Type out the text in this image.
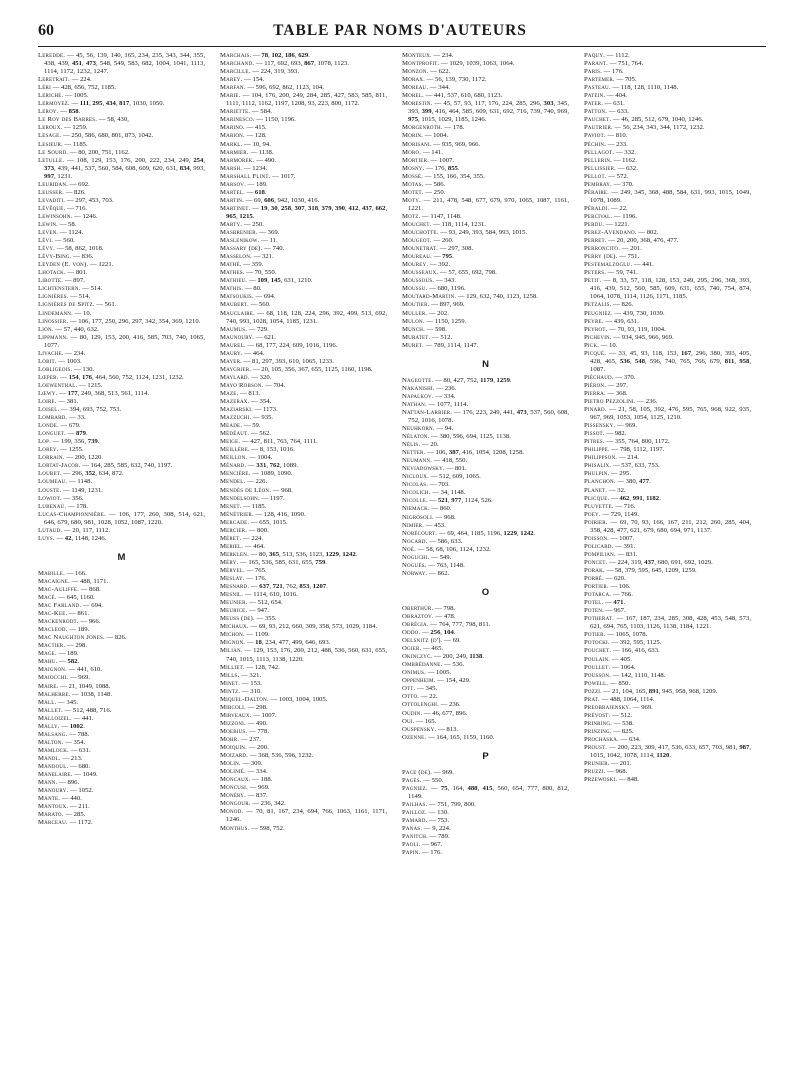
60	TABLE PAR NOMS D'AUTEURS
Leredde. — 45, 56, 139, 140, 165, 234, 235, 343, 344, 355, 438, 439, 451, 473, 548, 549, 583, 682, 1004, 1041, 1113, 1114, 1172, 1232, 1247.
Leretrait. — 224.
Léri — 428, 656, 752, 1185.
Leriche. — 1005.
Lermoyez. — 111, 295, 434, 817, 1030, 1050.
Leroy. — 858.
Le Roy des Barres. — 58, 430,
Leroux. — 1259.
Lesage. — 250, 586, 680, 801, 873, 1042.
Lesieur. — 1185.
Le Sourd. — 80, 200, 751, 1162.
Letulle. — 108, 129, 153, 176, 200, 222, 234, 249, 254, 373, 439, 441, 537, 560, 584, 608, 609, 620, 631, 834, 993, 997, 1231.
Leuridan. — 692.
Leusser. — 826.
Levaditi. — 297, 453, 703.
Lévêque. — 716.
Lewinsohn. — 1246.
Lewin. — 58.
Leven. — 1124.
Lévi. — 560.
Lévy. — 58, 862, 1018.
Lévy-Bing. — 836.
Leyden (E. von). — 1221.
Lhotack. — 801.
Libotte. — 897.
Lichtenstern. — 514.
Lignières. — 514.
Lignières de Spitz. — 561.
Lindemann. — 10.
Linossier. — 106, 177, 250, 296, 297, 342, 354, 369, 1210.
Lion. — 57, 440, 632.
Lippmann. — 80, 129, 153, 200, 416, 585, 703, 740, 1065, 1077.
Livache. — 234.
Lobit. — 1003.
Lobligeois. — 130.
Lœper. — 154, 176, 464, 560, 752, 1124, 1231, 1232.
Loewenthal. — 1215.
Lœwy. — 177, 249, 368, 513, 561, 1114.
Loire. — 381.
Loisel. — 394, 693, 752, 753.
Lombard. — 33.
Londe. — 679.
Longuet. — 879.
Lop. — 199, 356, 739.
Lorey. — 1255.
Lorrain. — 200, 1220.
Lortat-Jacob. — 164, 285, 585, 632, 740, 1197.
Loubet. — 296, 352, 634, 872.
Loumeau. — 1148.
Louste. — 1149, 1231.
Lowiot. — 356.
Lubenau. — 178.
Lucas-Championnière. — 106, 177, 260, 308, 514, 621, 646, 679, 680, 981, 1028, 1052, 1087, 1220.
Lutaud. — 20, 117, 1112.
Luys. — 42, 1148, 1246.
M
Mabille. — 166.
Macaigne. — 488, 1171.
Mac-Auliffe. — 868.
Macé. — 645, 1160.
Mac Farland. — 694.
Mac-Kee. — 861.
Mackenrodt. — 966.
Macleod. — 189.
Mac Naughton Jones. — 826.
Mactier. — 298.
Mage. — 189.
Mahu. — 582.
Maignon. — 441, 610.
Maiocchi. — 969.
Maire. — 21, 1049, 1088.
Malherbe. — 1038, 1148.
Mall. — 345.
Mallet. — 512, 488, 716.
Malloizel. — 441.
Mally. — 1002.
Malsang. — 788.
Malton. — 354.
Mamlock. — 631.
Mandl. — 213.
Mandoul. — 680.
Manelaire. — 1049.
Mann. — 896.
Manoury. — 1052.
Mante. — 440.
Mantoux. — 211.
Marato. — 285.
Marceau. — 1172.
Marchais. — 78, 102, 186, 629.
Marchand. — 117, 692, 693, 867, 1078, 1123.
Marcille. — 224, 319, 393.
Marey. — 154.
Marfan. — 596, 692, 862, 1123, 104.
Marie. — 104, 176, 200, 249, 284, 285, 427, 583, 585, 811, 1111, 1112, 1162, 1197, 1208, 93, 223, 800, 1172.
Mariette. — 584.
Marinesco. — 1150, 1196.
Marino. — 415.
Marion. — 128.
Markl. — 10, 94.
Marmier. — 1138.
Marmorek. — 490.
Marsh. — 1234.
Marshall Flint. — 1017.
Marsov. — 189.
Martel. — 618.
Martin. — 69, 606, 942, 1030, 416.
Martinet. — 19, 30, 258, 307, 318, 379, 390, 412, 437, 662, 965, 1215.
Marty. — 250.
Masbrenier. — 369.
Maslenikow. — 11.
Massary (de). — 740.
Masselon. — 321.
Mathé. — 359.
Mathes. — 70, 550.
Mathieu. — 109, 145, 631, 1210.
Mathis. — 80.
Matsoukis. — 694.
Maubert. — 560.
Mauclaire. — 68, 118, 128, 224, 296, 392, 499, 513, 692, 740, 993, 1028, 1054, 1185, 1231.
Maumus. — 729.
Maunoury. — 621.
Maurel. — 68, 177, 224, 609, 1016, 1196.
Maury. — 464.
Mayer. — 81, 297, 393, 610, 1065, 1233.
Maygrier. — 20, 105, 356, 367, 655, 1125, 1160, 1198.
Maylard. — 320.
Mayo Robson. — 704.
Maze. — 813.
Mazerax. — 354.
Maziarski. — 1173.
Mazzuchi. — 935.
Meade. — 59.
Médéaut. — 562.
Meige. — 427, 811, 763, 764, 1111.
Meillère. — 8, 153, 1016.
Meillon. — 1004.
Ménard. — 331, 762, 1089.
Mencière. — 1089, 1090.
Mendel. — 226.
Mendès de Léon. — 968.
Mendelsohn. — 1197.
Menet. — 1185.
Ménétrier. — 128, 416, 1090.
Mercade. — 655, 1015.
Mercier. — 800.
Méret. — 224.
Meriel. — 464.
Merklen. — 80, 365, 513, 536, 1123, 1229, 1242.
Méry. — 165, 536, 585, 631, 655, 759.
Méryel. — 765.
Meslay. — 176.
Mesnard. — 637, 721, 762, 853, 1207.
Mesnil. — 1114, 610, 1016.
Meunier. — 512, 654.
Meurice. — 947.
Meuss (de). — 355.
Michaux. — 69, 93, 212, 660, 309, 358, 573, 1029, 1184.
Michon. — 1109.
Mignon. — 18, 234, 477, 499, 646, 693.
Milian. — 129, 153, 176, 200, 212, 488, 536, 560, 631, 655, 740, 1015, 1113, 1138, 1220.
Milliet. — 128, 742.
Mills. — 321.
Minet. — 153.
Mintz. — 310.
Miquel-Dalton. — 1003, 1004, 1005.
Mircoli. — 298.
Mirveaux. — 1007.
Mizzoni. — 490.
Moebius. — 778.
Mohr. — 237.
Moiquin. — 200.
Moizard. — 368, 536, 596, 1232.
Molin. — 309.
Molinié. — 334.
Moncaux. — 188.
Moncusi. — 969.
Monéry. — 837.
Mongour. — 236, 342.
Monod. — 70, 81, 167, 234, 694, 766, 1063, 1161, 1171, 1246.
Monthus. — 598, 752.
Monteux. — 234.
Montprofit. — 1029, 1039, 1063, 1064.
Monzon. — 622.
Morax. — 56, 139, 730, 1172.
Moreau. — 344.
Morel. — 441, 537, 610, 680, 1123.
Morestin. — 45, 57, 93, 117, 176, 224, 285, 296, 303, 345, 393, 399, 416, 464, 585, 609, 631, 692, 716, 739, 740, 969, 975, 1015, 1029, 1185, 1246.
Morgenroth. — 178.
Morin. — 1004.
Morisani. — 935, 969, 966.
Moro. — 141.
Mortier. — 1007.
Mosny. — 176, 855.
Mossé. — 155, 166, 354, 355.
Motas. — 586.
Motet. — 250.
Moty. — 211, 478, 548, 677, 679, 970, 1065, 1087, 1161, 1221.
Motz. — 1147, 1148.
Mouchet. — 118, 1114, 1231.
Mouchotte. — 93, 249, 393, 584, 993, 1015.
Mougeot. — 260.
Mounetrat. — 297, 308.
Moureau. — 795.
Mourey. — 392.
Mousseaux. — 57, 655, 692, 798.
Moussous. — 343.
Moussu. — 680, 1196.
Moutard-Martin. — 129, 632, 740, 1123, 1258.
Moutier. — 897, 969.
Muller. — 202.
Mulon. — 1150, 1259.
Munch. — 598.
Muratet. — 512.
Muret. — 789, 1114, 1147.
N
Nageotte. — 80, 427, 752, 1179, 1259.
Nakanishi. — 236.
Napalkov. — 334.
Nathan. — 1077, 1114.
Nattan-Larrier. — 176, 223, 249, 441, 473, 537, 560, 608, 752, 1016, 1078.
Neuhkorn. — 94.
Nélaton. — 380, 596, 694, 1125, 1138.
Nélis. — 20.
Netter. — 106, 387, 416, 1054, 1208, 1258.
Neumann. — 418, 550.
Neviadowsky. — 801.
Nicloux. — 512, 609, 1065.
Nicolas. — 703.
Nicolich. — 34, 1148.
Nicolle. — 521, 977, 1124, 526.
Niemack. — 860.
Nigrosoli. — 968.
Nimier. — 453.
Nobécourt. — 69, 464, 1185, 1196, 1229, 1242.
Nocard. — 586, 633.
Noé. — 58, 68, 106, 1124, 1232.
Noguchi. — 549.
Nogués. — 763, 1148.
Norway. — 862.
O
Oberthür. — 798.
Obraztov. — 478.
Obrégia. — 764, 777, 798, 811.
Oddo. — 256, 104.
Oelsnitz (d'). — 69.
Ogier. — 465.
Okinczyc. — 200, 249, 1138.
Ombrédanne. — 536.
Onimus. — 1005.
Oppenheim. — 154, 429.
Ott. — 345.
Otto. — 22.
Ottolenghi. — 236.
Oudin. — 46, 677, 896.
Oui. — 165.
Ouspensky. — 813.
Ozenne. — 164, 165, 1159, 1160.
P
Pace (de). — 969.
Pagès. — 550.
Pagniez. — 75, 164, 488, 415, 560, 654, 777, 800, 812, 1149.
Pailhas. — 751, 799, 800.
Pailloz. — 130.
Pamard. — 753.
Panas. — 9, 224.
Panitch. — 789.
Paoli. — 967.
Papin. — 176.
Paquy. — 1112.
Parant. — 751, 764.
Paris. — 176.
Partemer. — 705.
Pasteau. — 118, 128, 1110, 1148.
Patein. — 404.
Pater. — 631.
Patton. — 633.
Pauchet. — 46, 285, 512, 679, 1040, 1246.
Pautrier. — 56, 234, 343, 344, 1172, 1232.
Paviot. — 810.
Péchin. — 233.
Pellagot. — 332.
Pellerin. — 1162.
Pellissier. — 632.
Pellot. — 572.
Pembray. — 370.
Péraire. — 249, 345, 368, 488, 584, 631, 993, 1015, 1049, 1078, 1089.
Péraldi. — 22.
Percival. — 1196.
Perdu. — 1221.
Perez-Avendano. — 802.
Perret. — 20, 200, 368, 476, 477.
Perroncito. — 201.
Perry (de). — 751.
Pestemalzoglu. — 441.
Peters. — 59, 741.
Petit. — 8, 33, 57, 118, 128, 153, 249, 295, 296, 368, 393, 416, 439, 512, 560, 585, 609, 631, 655, 740, 754, 874, 1064, 1078, 1114, 1126, 1171, 1185.
Petzalis. — 826.
Peugniez. — 439, 730, 1039.
Peyre. — 439, 631.
Peyrot. — 70, 93, 119, 1004.
Pichevin. — 934, 945, 966, 969.
Pick. — 10.
Picqué. — 33, 45, 93, 118, 153, 167, 296, 380, 393, 405, 428, 465, 536, 548, 596, 740, 765, 766, 679, 811, 958, 1087.
Piéchaud. — 370.
Piéron. — 297.
Pierra. — 368.
Pietro Pezzolini. — 236.
Pinard. — 21, 58, 105, 392, 476, 595, 765, 968, 922, 935, 967, 969, 1053, 1054, 1125, 1210.
Pissensky. — 969.
Pissot. — 982.
Pitres. — 355, 764, 800, 1172.
Philippe. — 798, 1112, 1197.
Philippson. — 214.
Phisalix. — 537, 633, 753.
Phulpin. — 295.
Planchon. — 380, 477.
Planet. — 32.
Plicque. — 462, 991, 1182.
Pluyette. — 716.
Poey. — 729, 1149.
Poirier. — 69, 70, 93, 166, 167, 211, 212, 260, 285, 404, 358, 428, 477, 621, 679, 680, 694, 971, 1137.
Poisson. — 1007.
Policard. — 391.
Pompilian. — 831.
Poncet. — 224, 319, 437, 680, 691, 692, 1029.
Porak. — 58, 379, 595, 645, 1209, 1259.
Porré. — 620.
Portier. — 106.
Potarca. — 766.
Potel. — 471.
Poten. — 967.
Potherat. — 167, 187, 234, 285, 308, 428, 453, 548, 573, 621, 694, 765, 1103, 1126, 1138, 1184, 1221.
Potier. — 1065, 1078.
Potocki. — 392, 595, 1125.
Pouchet. — 166, 416, 633.
Poulain. — 405.
Poullet. — 1064.
Pousson. — 142, 1110, 1148.
Powell. — 850.
Pozzi. — 21, 104, 165, 891, 945, 958, 968, 1209.
Prat. — 488, 1064, 1114.
Preobrajensky. — 969.
Prévost. — 512.
Prinring. — 538.
Prinzing. — 825.
Prochaska. — 634.
Proust. — 200, 223, 309, 417, 536, 633, 657, 703, 981, 987, 1015, 1042, 1078, 1114, 1120.
Prunier. — 201.
Pruzzi. — 968.
Przewoski. — 848.
